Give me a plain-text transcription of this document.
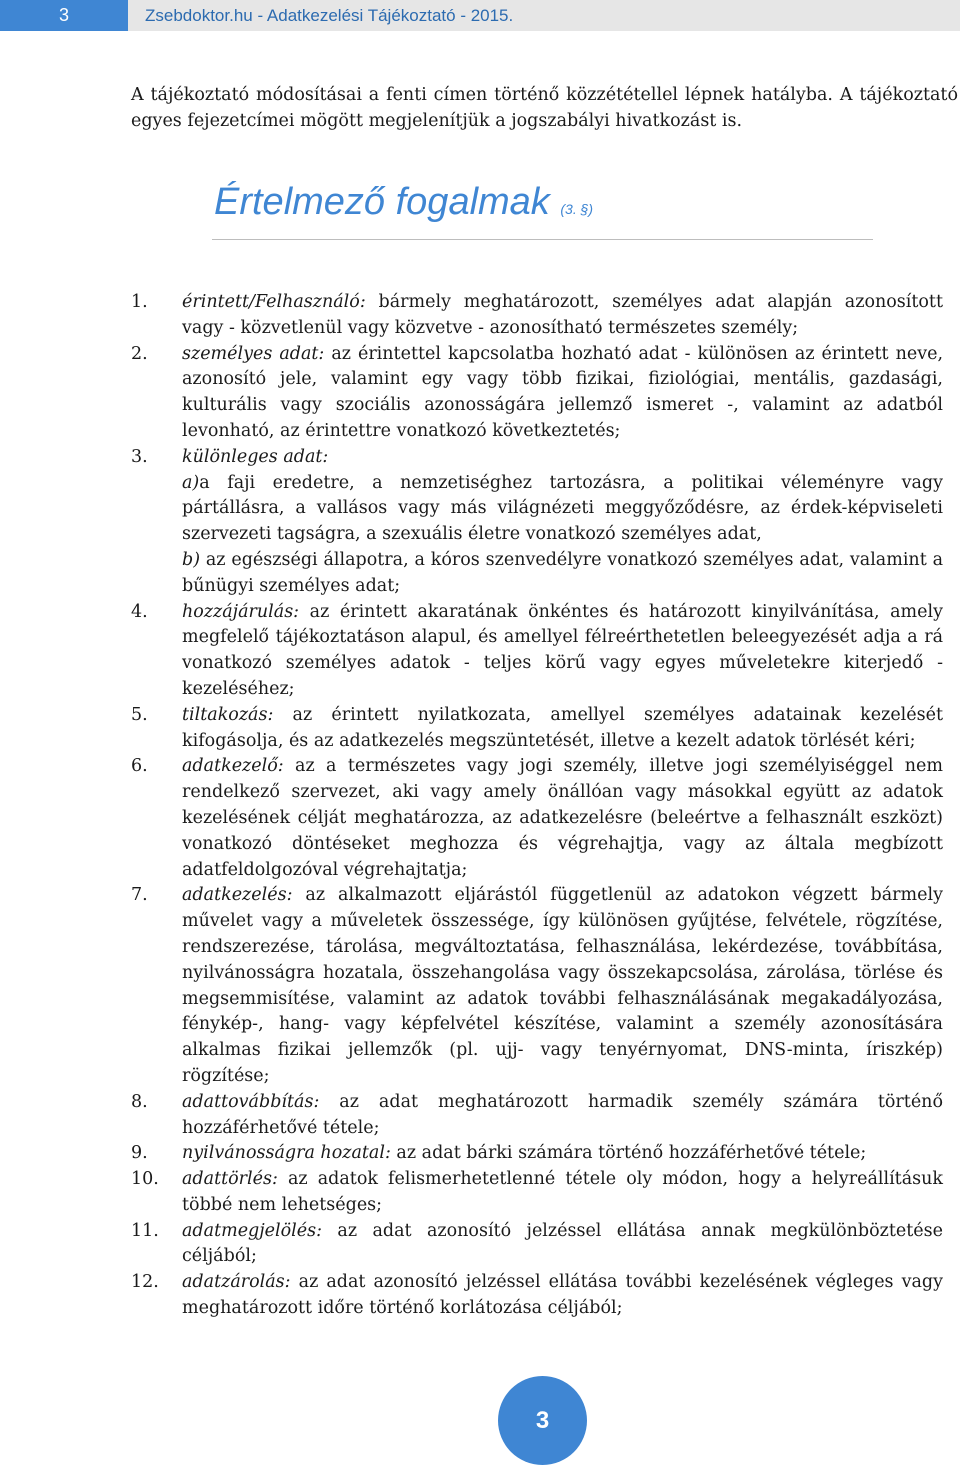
3	Zsebdoktor.hu - Adatkezelési Tájékoztató - 2015.

A tájékoztató módosításai a fenti címen történő közzététellel lépnek hatályba. A tájékoztató egyes fejezetcímei mögött megjelenítjük a jogszabályi hivatkozást is.

Értelmező fogalmak (3. §)
1.	érintett/Felhasználó: bármely meghatározott, személyes adat alapján azonosított vagy - közvetlenül vagy közvetve - azonosítható természetes személy;
2.	személyes adat: az érintettel kapcsolatba hozható adat - különösen az érintett neve, azonosító jele, valamint egy vagy több fizikai, fiziológiai, mentális, gazdasági, kulturális vagy szociális azonosságára jellemző ismeret -, valamint az adatból levonható, az érintettre vonatkozó következtetés;
3.	különleges adat:

a)a faji eredetre, a nemzetiséghez tartozásra, a politikai véleményre vagy pártállásra, a vallásos vagy más világnézeti meggyőződésre, az érdek-képviseleti szervezeti tagságra, a szexuális életre vonatkozó személyes adat,

b) az egészségi állapotra, a kóros szenvedélyre vonatkozó személyes adat, valamint a bűnügyi személyes adat;

4.	hozzájárulás: az érintett akaratának önkéntes és határozott kinyilvánítása, amely megfelelő tájékoztatáson alapul, és amellyel félreérthetetlen beleegyezését adja a rá vonatkozó személyes adatok - teljes körű vagy egyes műveletekre kiterjedő - kezeléséhez;
5.	tiltakozás: az érintett nyilatkozata, amellyel személyes adatainak kezelését kifogásolja, és az adatkezelés megszüntetését, illetve a kezelt adatok törlését kéri;
6.	adatkezelő: az a természetes vagy jogi személy, illetve jogi személyiséggel nem rendelkező szervezet, aki vagy amely önállóan vagy másokkal együtt az adatok kezelésének célját meghatározza, az adatkezelésre (beleértve a felhasznált eszközt) vonatkozó döntéseket meghozza és végrehajtja, vagy az általa megbízott adatfeldolgozóval végrehajtatja;
7.	adatkezelés: az alkalmazott eljárástól függetlenül az adatokon végzett bármely művelet vagy a műveletek összessége, így különösen gyűjtése, felvétele, rögzítése, rendszerezése, tárolása, megváltoztatása, felhasználása, lekérdezése, továbbítása, nyilvánosságra hozatala, összehangolása vagy összekapcsolása, zárolása, törlése és megsemmisítése, valamint az adatok további felhasználásának megakadályozása, fénykép-, hang- vagy képfelvétel készítése, valamint a személy azonosítására alkalmas fizikai jellemzők (pl. ujj- vagy tenyérnyomat, DNS-minta, íriszkép) rögzítése;
8.	adattovábbítás: az adat meghatározott harmadik személy számára történő hozzáférhetővé tétele;
9.	nyilvánosságra hozatal: az adat bárki számára történő hozzáférhetővé tétele;
10.	adattörlés: az adatok felismerhetetlenné tétele oly módon, hogy a helyreállításuk többé nem lehetséges;
11.	adatmegjelölés: az adat azonosító jelzéssel ellátása annak megkülönböztetése céljából;
12.	adatzárolás: az adat azonosító jelzéssel ellátása további kezelésének végleges vagy meghatározott időre történő korlátozása céljából;
3
